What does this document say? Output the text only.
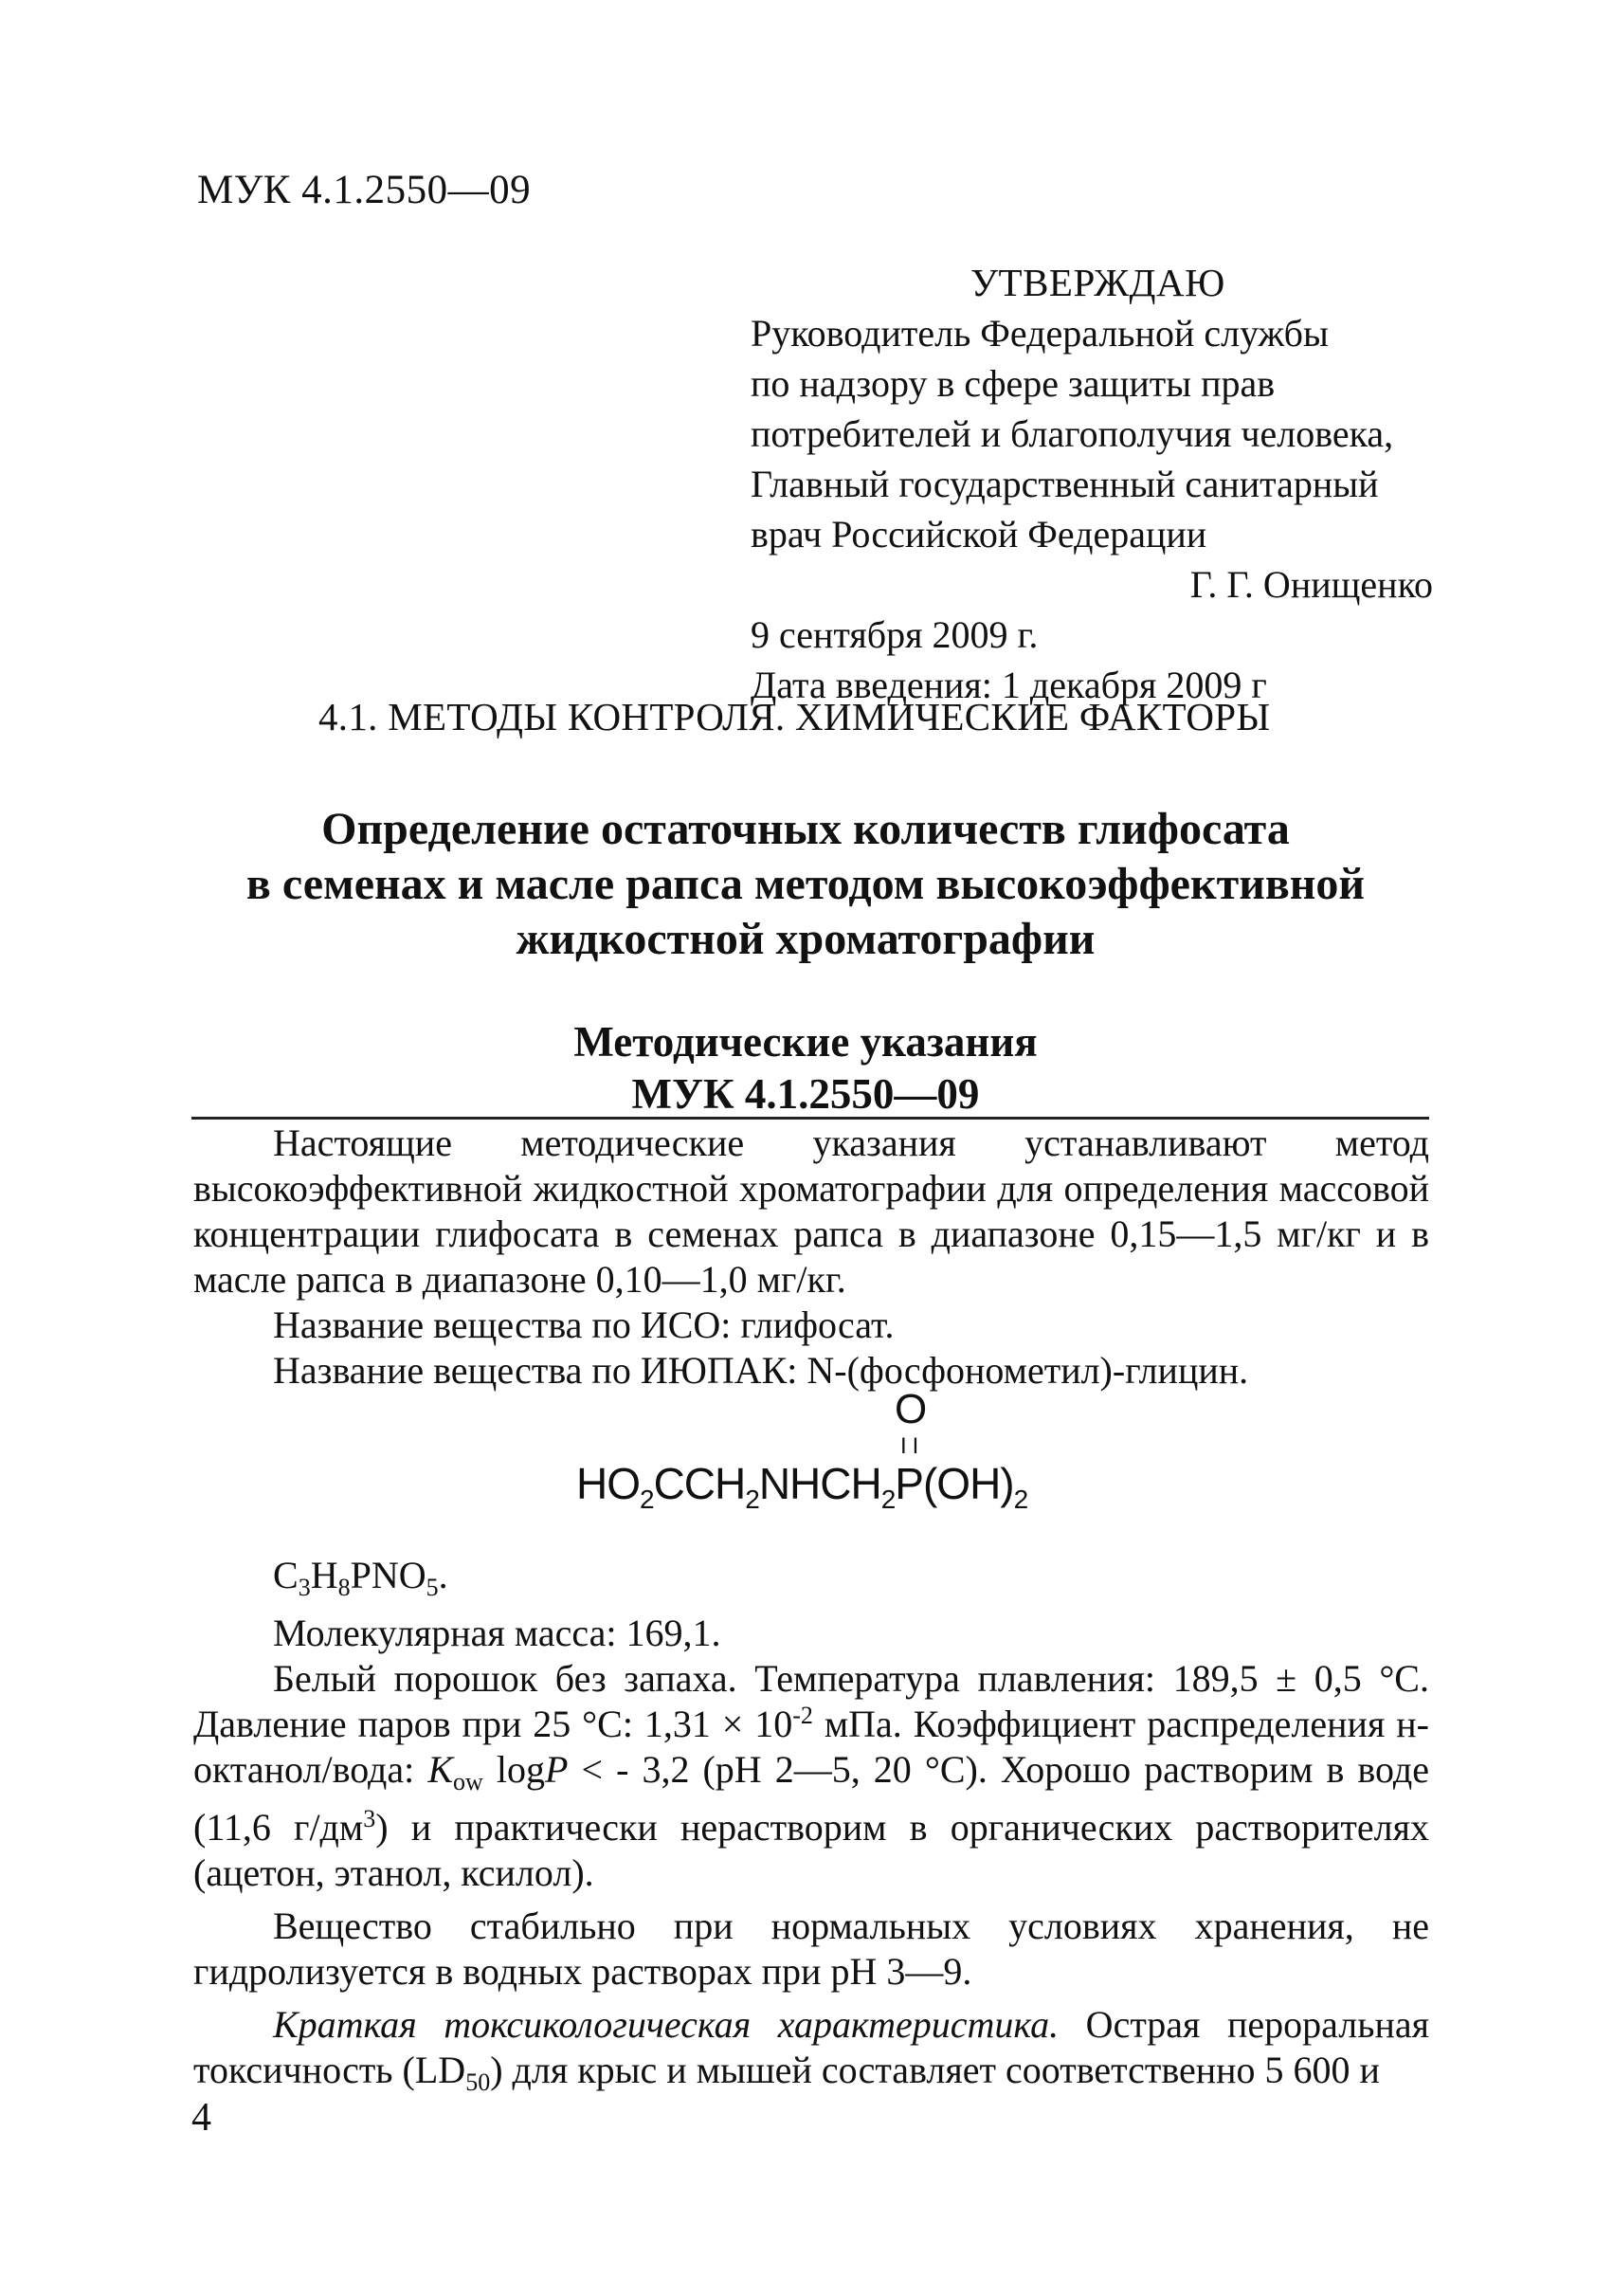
МУК 4.1.2550—09
УТВЕРЖДАЮ
Руководитель Федеральной службы
по надзору в сфере защиты прав
потребителей и благополучия человека,
Главный государственный санитарный
врач Российской Федерации
Г. Г. Онищенко
9 сентября 2009 г.
Дата введения: 1 декабря 2009 г
4.1. МЕТОДЫ КОНТРОЛЯ. ХИМИЧЕСКИЕ ФАКТОРЫ
Определение остаточных количеств глифосата
в семенах и масле рапса методом высокоэффективной
жидкостной хроматографии
Методические указания
МУК 4.1.2550—09

Настоящие методические указания устанавливают метод высокоэффективной жидкостной хроматографии для определения массовой концентрации глифосата в семенах рапса в диапазоне 0,15—1,5 мг/кг и в масле рапса в диапазоне 0,10—1,0 мг/кг.

Название вещества по ИСО: глифосат.

Название вещества по ИЮПАК: N-(фосфонометил)-глицин.

O
II
$HO_2CCH_2NHCH_2P(OH)_2$

$C_3H_8PNO_5$.

Молекулярная масса: 169,1.

Белый порошок без запаха. Температура плавления: 189,5 ± 0,5 °С. Давление паров при 25 °С: $1,31 \times 10^{-2}$ мПа. Коэффициент распределения н-октанол/вода: $K_{ow}$ logP < - 3,2 (рН 2—5, 20 °С). Хорошо растворим в воде (11,6 $г/дм^3$) и практически нерастворим в органических растворителях (ацетон, этанол, ксилол).

Вещество стабильно при нормальных условиях хранения, не гидролизуется в водных растворах при рН 3—9.

Краткая токсикологическая характеристика. Острая пероральная токсичность $(LD_{50})$ для крыс и мышей составляет соответственно 5 600 и

4
